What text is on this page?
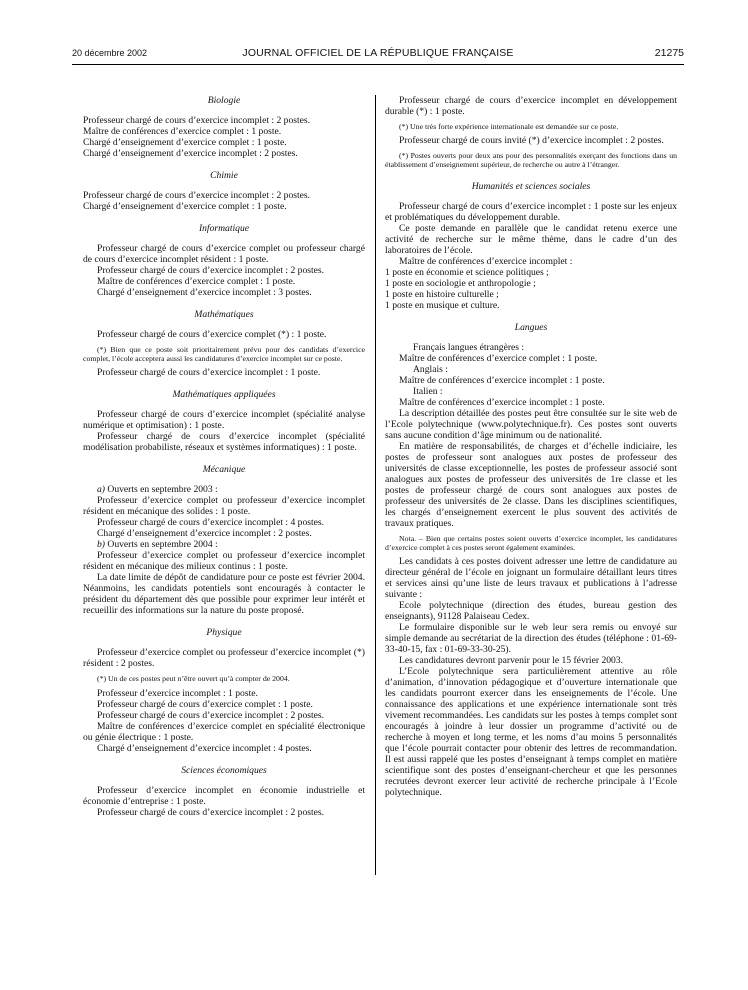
20 décembre 2002	JOURNAL OFFICIEL DE LA RÉPUBLIQUE FRANÇAISE	21275
Biologie

Professeur chargé de cours d’exercice incomplet : 2 postes.

Maître de conférences d’exercice complet : 1 poste.

Chargé d’enseignement d’exercice complet : 1 poste.

Chargé d’enseignement d’exercice incomplet : 2 postes.

Chimie

Professeur chargé de cours d’exercice incomplet : 2 postes.

Chargé d’enseignement d’exercice complet : 1 poste.

Informatique

Professeur chargé de cours d’exercice complet ou professeur chargé de cours d’exercice incomplet résident : 1 poste.

Professeur chargé de cours d’exercice incomplet : 2 postes.

Maître de conférences d’exercice complet : 1 poste.

Chargé d’enseignement d’exercice incomplet : 3 postes.

Mathématiques

Professeur chargé de cours d’exercice complet (*) : 1 poste.

(*) Bien que ce poste soit prioritairement prévu pour des candidats d’exercice complet, l’école acceptera aussi les candidatures d’exercice incomplet sur ce poste.

Professeur chargé de cours d’exercice incomplet : 1 poste.

Mathématiques appliquées

Professeur chargé de cours d’exercice incomplet (spécialité analyse numérique et optimisation) : 1 poste.

Professeur chargé de cours d’exercice incomplet (spécialité modélisation probabiliste, réseaux et systèmes informatiques) : 1 poste.

Mécanique

a) Ouverts en septembre 2003 :

Professeur d’exercice complet ou professeur d’exercice incomplet résident en mécanique des solides : 1 poste.

Professeur chargé de cours d’exercice incomplet : 4 postes.

Chargé d’enseignement d’exercice incomplet : 2 postes.

b) Ouverts en septembre 2004 :

Professeur d’exercice complet ou professeur d’exercice incomplet résident en mécanique des milieux continus : 1 poste.

La date limite de dépôt de candidature pour ce poste est février 2004. Néanmoins, les candidats potentiels sont encouragés à contacter le président du département dès que possible pour exprimer leur intérêt et recueillir des informations sur la nature du poste proposé.

Physique

Professeur d’exercice complet ou professeur d’exercice incomplet (*) résident : 2 postes.

(*) Un de ces postes peut n’être ouvert qu’à compter de 2004.

Professeur d’exercice incomplet : 1 poste.

Professeur chargé de cours d’exercice complet : 1 poste.

Professeur chargé de cours d’exercice incomplet : 2 postes.

Maître de conférences d’exercice complet en spécialité électronique ou génie électrique : 1 poste.

Chargé d’enseignement d’exercice incomplet : 4 postes.

Sciences économiques

Professeur d’exercice incomplet en économie industrielle et économie d’entreprise : 1 poste.

Professeur chargé de cours d’exercice incomplet : 2 postes.

Professeur chargé de cours d’exercice incomplet en développement durable (*) : 1 poste.

(*) Une très forte expérience internationale est demandée sur ce poste.

Professeur chargé de cours invité (*) d’exercice incomplet : 2 postes.

(*) Postes ouverts pour deux ans pour des personnalités exerçant des fonctions dans un établissement d’enseignement supérieur, de recherche ou autre à l’étranger.

Humanités et sciences sociales

Professeur chargé de cours d’exercice incomplet : 1 poste sur les enjeux et problématiques du développement durable.

Ce poste demande en parallèle que le candidat retenu exerce une activité de recherche sur le même thème, dans le cadre d’un des laboratoires de l’école.

Maître de conférences d’exercice incomplet :

1 poste en économie et science politiques ;

1 poste en sociologie et anthropologie ;

1 poste en histoire culturelle ;

1 poste en musique et culture.

Langues

Français langues étrangères :

Maître de conférences d’exercice complet : 1 poste.

Anglais :

Maître de conférences d’exercice incomplet : 1 poste.

Italien :

Maître de conférences d’exercice incomplet : 1 poste.

La description détaillée des postes peut être consultée sur le site web de l’Ecole polytechnique (www.polytechnique.fr). Ces postes sont ouverts sans aucune condition d’âge minimum ou de nationalité.

En matière de responsabilités, de charges et d’échelle indiciaire, les postes de professeur sont analogues aux postes de professeur des universités de classe exceptionnelle, les postes de professeur associé sont analogues aux postes de professeur des universités de 1re classe et les postes de professeur chargé de cours sont analogues aux postes de professeur des universités de 2e classe. Dans les disciplines scientifiques, les chargés d’enseignement exercent le plus souvent des activités de travaux pratiques.

Nota. – Bien que certains postes soient ouverts d’exercice incomplet, les candidatures d’exercice complet à ces postes seront également examinées.

Les candidats à ces postes doivent adresser une lettre de candidature au directeur général de l’école en joignant un formulaire détaillant leurs titres et services ainsi qu’une liste de leurs travaux et publications à l’adresse suivante :

Ecole polytechnique (direction des études, bureau gestion des enseignants), 91128 Palaiseau Cedex.

Le formulaire disponible sur le web leur sera remis ou envoyé sur simple demande au secrétariat de la direction des études (téléphone : 01-69-33-40-15, fax : 01-69-33-30-25).

Les candidatures devront parvenir pour le 15 février 2003.

L’Ecole polytechnique sera particulièrement attentive au rôle d’animation, d’innovation pédagogique et d’ouverture internationale que les candidats pourront exercer dans les enseignements de l’école. Une connaissance des applications et une expérience internationale sont très vivement recommandées. Les candidats sur les postes à temps complet sont encouragés à joindre à leur dossier un programme d’activité ou de recherche à moyen et long terme, et les noms d’au moins 5 personnalités que l’école pourrait contacter pour obtenir des lettres de recommandation. Il est aussi rappelé que les postes d’enseignant à temps complet en matière scientifique sont des postes d’enseignant-chercheur et que les personnes recrutées devront exercer leur activité de recherche principale à l’Ecole polytechnique.
